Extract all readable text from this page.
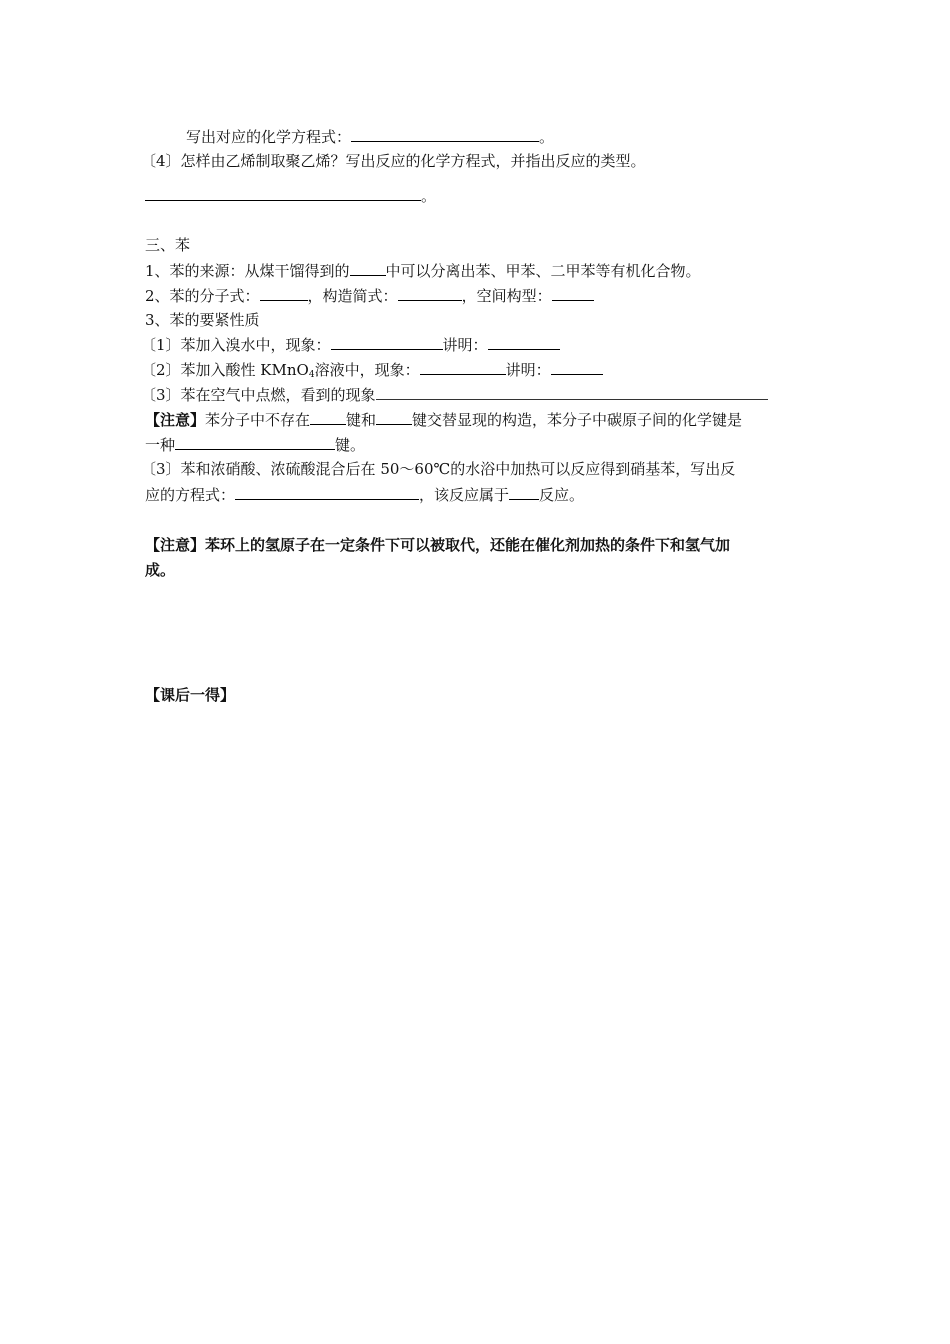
写出对应的化学方程式：	。
〔4〕怎样由乙烯制取聚乙烯？写出反应的化学方程式，并指出反应的类型。
。
三、苯
1、苯的来源：从煤干馏得到的 中可以分离出苯、甲苯、二甲苯等有机化合物。
2、苯的分子式：	，构造简式：	，空间构型：
3、苯的要紧性质
〔1〕苯加入溴水中，现象：	讲明：
〔2〕苯加入酸性 KMnO$_4$溶液中，现象：	讲明：
〔3〕苯在空气中点燃，看到的现象
【注意】苯分子中不存在 键和 键交替显现的构造，苯分子中碳原子间的化学键是
一种	键。
〔3〕苯和浓硝酸、浓硫酸混合后在 50～60℃的水浴中加热可以反应得到硝基苯，写出反
应的方程式：	，该反应属于 反应。
【注意】苯环上的氢原子在一定条件下可以被取代，还能在催化剂加热的条件下和氢气加
成。
【课后一得】
